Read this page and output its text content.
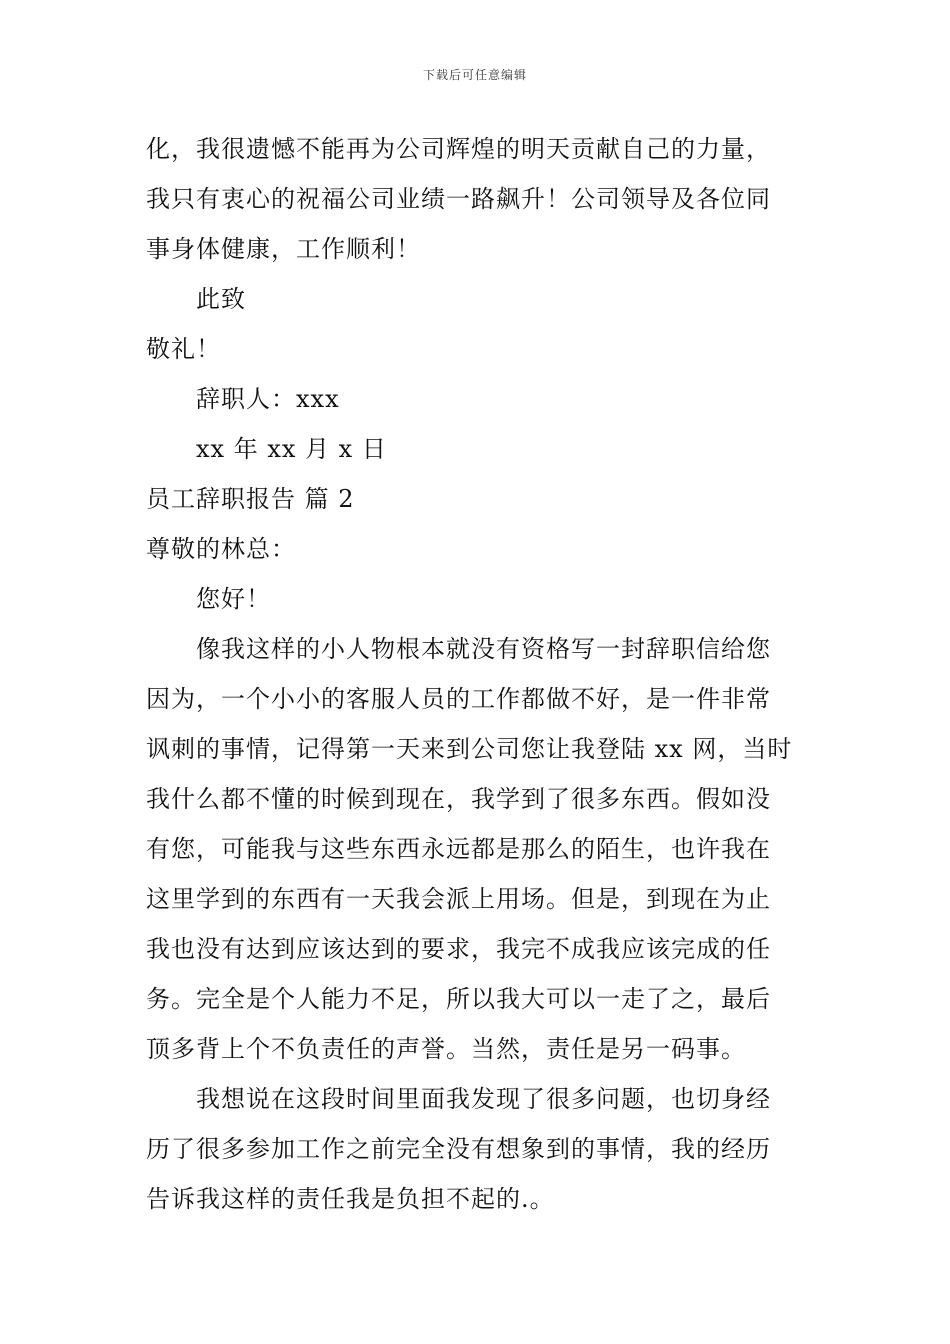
下载后可任意编辑
化，我很遗憾不能再为公司辉煌的明天贡献自己的力量，
我只有衷心的祝福公司业绩一路飙升！公司领导及各位同
事身体健康，工作顺利！
此致
敬礼！
辞职人：xxx
xx 年 xx 月 x 日
员工辞职报告 篇 2
尊敬的林总：
您好！
像我这样的小人物根本就没有资格写一封辞职信给您
因为，一个小小的客服人员的工作都做不好，是一件非常
讽刺的事情，记得第一天来到公司您让我登陆 xx 网，当时
我什么都不懂的时候到现在，我学到了很多东西。假如没
有您，可能我与这些东西永远都是那么的陌生，也许我在
这里学到的东西有一天我会派上用场。但是，到现在为止
我也没有达到应该达到的要求，我完不成我应该完成的任
务。完全是个人能力不足，所以我大可以一走了之，最后
顶多背上个不负责任的声誉。当然，责任是另一码事。
我想说在这段时间里面我发现了很多问题，也切身经
历了很多参加工作之前完全没有想象到的事情，我的经历
告诉我这样的责任我是负担不起的.。
